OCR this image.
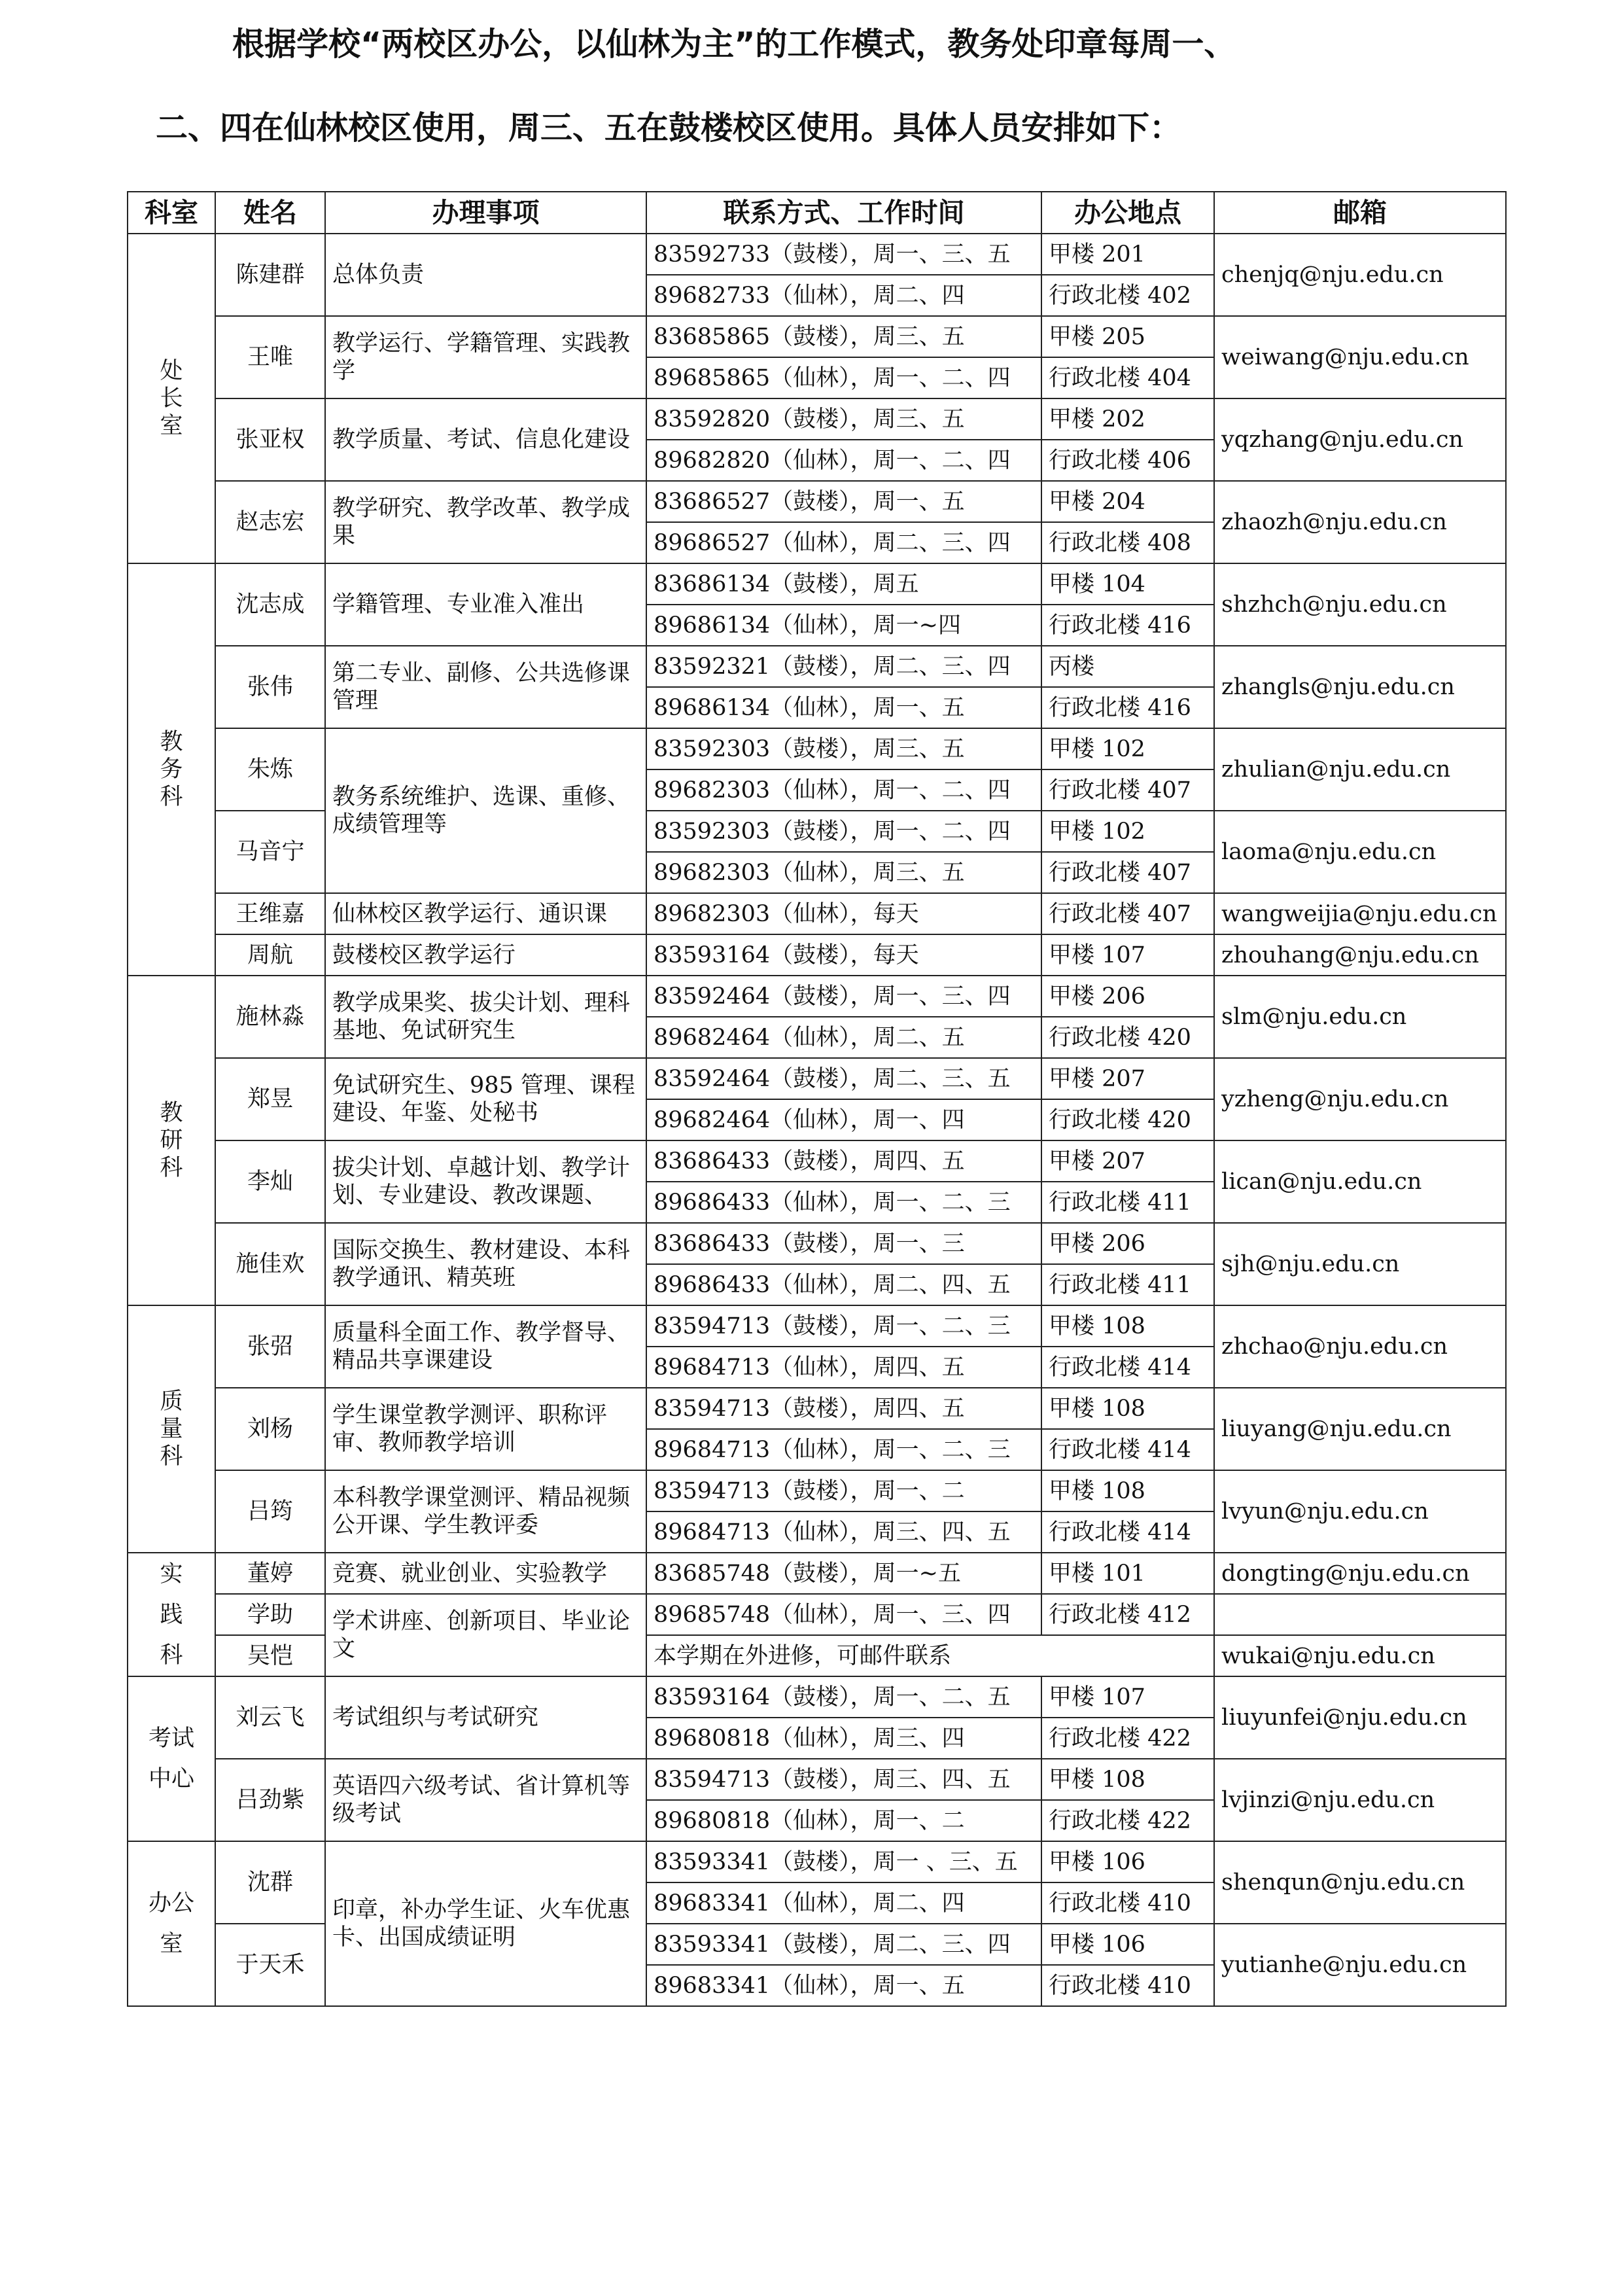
根据学校“两校区办公，以仙林为主”的工作模式，教务处印章每周一、
二、四在仙林校区使用，周三、五在鼓楼校区使用。具体人员安排如下：
科室	姓名	办理事项	联系方式、工作时间	办公地点	邮箱

处
长
室	陈建群	总体负责	83592733（鼓楼），周一、三、五	甲楼 201	chenjq@nju.edu.cn
			89682733（仙林），周二、四	行政北楼 402	
	王唯	教学运行、学籍管理、实践教学	83685865（鼓楼），周三、五	甲楼 205	weiwang@nju.edu.cn
			89685865（仙林），周一、二、四	行政北楼 404	
	张亚权	教学质量、考试、信息化建设	83592820（鼓楼），周三、五	甲楼 202	yqzhang@nju.edu.cn
			89682820（仙林），周一、二、四	行政北楼 406	
	赵志宏	教学研究、教学改革、教学成果	83686527（鼓楼），周一、五	甲楼 204	zhaozh@nju.edu.cn
			89686527（仙林），周二、三、四	行政北楼 408	

教
务
科	沈志成	学籍管理、专业准入准出	83686134（鼓楼），周五	甲楼 104	shzhch@nju.edu.cn
			89686134（仙林），周一~四	行政北楼 416	
	张伟	第二专业、副修、公共选修课管理	83592321（鼓楼），周二、三、四	丙楼	zhangls@nju.edu.cn
			89686134（仙林），周一、五	行政北楼 416	
	朱炼	教务系统维护、选课、重修、成绩管理等	83592303（鼓楼），周三、五	甲楼 102	zhulian@nju.edu.cn
			89682303（仙林），周一、二、四	行政北楼 407	
	马音宁		83592303（鼓楼），周一、二、四	甲楼 102	laoma@nju.edu.cn
			89682303（仙林），周三、五	行政北楼 407	
	王维嘉	仙林校区教学运行、通识课	89682303（仙林），每天	行政北楼 407	wangweijia@nju.edu.cn
	周航	鼓楼校区教学运行	83593164（鼓楼），每天	甲楼 107	zhouhang@nju.edu.cn

教
研
科	施林淼	教学成果奖、拔尖计划、理科基地、免试研究生	83592464（鼓楼），周一、三、四	甲楼 206	slm@nju.edu.cn
			89682464（仙林），周二、五	行政北楼 420	
	郑昱	免试研究生、985 管理、课程建设、年鉴、处秘书	83592464（鼓楼），周二、三、五	甲楼 207	yzheng@nju.edu.cn
			89682464（仙林），周一、四	行政北楼 420	
	李灿	拔尖计划、卓越计划、教学计划、专业建设、教改课题、	83686433（鼓楼），周四、五	甲楼 207	lican@nju.edu.cn
			89686433（仙林），周一、二、三	行政北楼 411	
	施佳欢	国际交换生、教材建设、本科教学通讯、精英班	83686433（鼓楼），周一、三	甲楼 206	sjh@nju.edu.cn
			89686433（仙林），周二、四、五	行政北楼 411	

质
量
科	张弨	质量科全面工作、教学督导、精品共享课建设	83594713（鼓楼），周一、二、三	甲楼 108	zhchao@nju.edu.cn
			89684713（仙林），周四、五	行政北楼 414	
	刘杨	学生课堂教学测评、职称评审、教师教学培训	83594713（鼓楼），周四、五	甲楼 108	liuyang@nju.edu.cn
			89684713（仙林），周一、二、三	行政北楼 414	
	吕筠	本科教学课堂测评、精品视频公开课、学生教评委	83594713（鼓楼），周一、二	甲楼 108	lvyun@nju.edu.cn
			89684713（仙林），周三、四、五	行政北楼 414	

实
践
科	董婷	竞赛、就业创业、实验教学	83685748（鼓楼），周一~五	甲楼 101	dongting@nju.edu.cn
	学助	学术讲座、创新项目、毕业论文	89685748（仙林），周一、三、四	行政北楼 412	
	吴恺		本学期在外进修，可邮件联系		wukai@nju.edu.cn

考试
中心	刘云飞	考试组织与考试研究	83593164（鼓楼），周一、二、五	甲楼 107	liuyunfei@nju.edu.cn
			89680818（仙林），周三、四	行政北楼 422	
	吕劲紫	英语四六级考试、省计算机等级考试	83594713（鼓楼），周三、四、五	甲楼 108	lvjinzi@nju.edu.cn
			89680818（仙林），周一、二	行政北楼 422	

办公
室	沈群	印章，补办学生证、火车优惠卡、出国成绩证明	83593341（鼓楼），周一 、三、五	甲楼 106	shenqun@nju.edu.cn
			89683341（仙林），周二、四	行政北楼 410	
	于天禾		83593341（鼓楼），周二、三、四	甲楼 106	yutianhe@nju.edu.cn
			89683341（仙林），周一、五	行政北楼 410	
